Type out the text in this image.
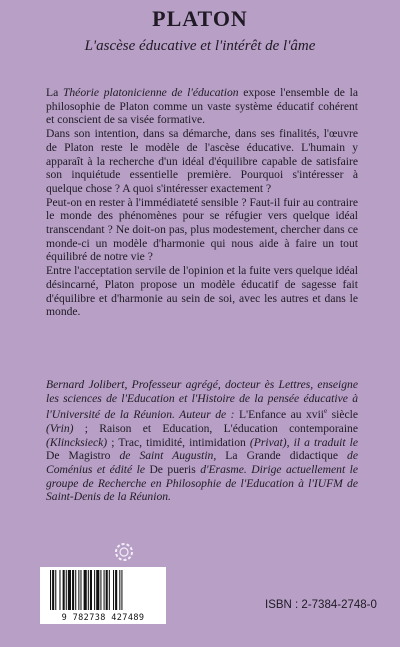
PLATON
L'ascèse éducative et l'intérêt de l'âme

La Théorie platonicienne de l'éducation expose l'ensemble de la philosophie de Platon comme un vaste système éducatif cohérent et conscient de sa visée formative.

Dans son intention, dans sa démarche, dans ses finalités, l'œuvre de Platon reste le modèle de l'ascèse éducative. L'humain y apparaît à la recherche d'un idéal d'équilibre capable de satisfaire son inquiétude essentielle première. Pourquoi s'intéresser à quelque chose ? A quoi s'intéresser exactement ?

Peut-on en rester à l'immédiateté sensible ? Faut-il fuir au contraire le monde des phénomènes pour se réfugier vers quelque idéal transcendant ? Ne doit-on pas, plus modestement, chercher dans ce monde-ci un modèle d'harmonie qui nous aide à faire un tout équilibré de notre vie ?

Entre l'acceptation servile de l'opinion et la fuite vers quelque idéal désincarné, Platon propose un modèle éducatif de sagesse fait d'équilibre et d'harmonie au sein de soi, avec les autres et dans le monde.

Bernard Jolibert, Professeur agrégé, docteur ès Lettres, enseigne les sciences de l'Education et l'Histoire de la pensée éducative à l'Université de la Réunion. Auteur de : L'Enfance au xvii$^e$ siècle (Vrin) ; Raison et Education, L'éducation contemporaine (Klincksieck) ; Trac, timidité, intimidation (Privat), il a traduit le De Magistro de Saint Augustin, La Grande didactique de Coménius et édité le De pueris d'Erasme. Dirige actuellement le groupe de Recherche en Philosophie de l'Education à l'IUFM de Saint-Denis de la Réunion.

9 782738 427489
ISBN : 2-7384-2748-0
